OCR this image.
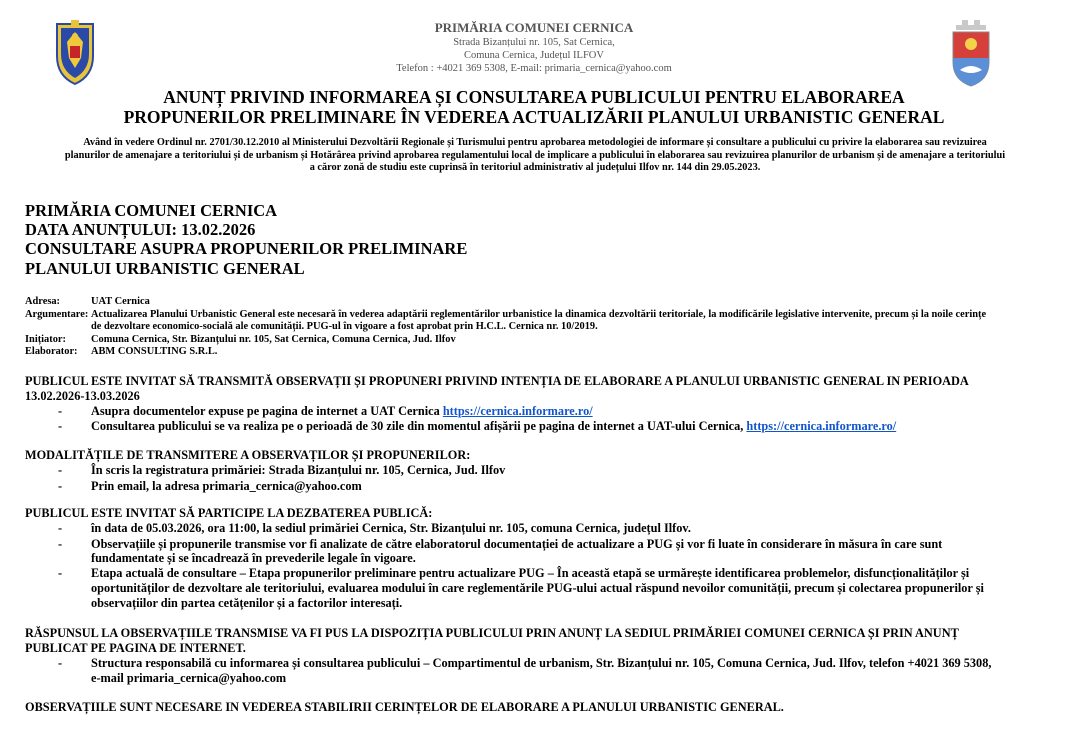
PRIMĂRIA COMUNEI CERNICA
Strada Bizanțului nr. 105, Sat Cernica,
Comuna Cernica, Județul ILFOV
Telefon : +4021 369 5308, E-mail: primaria_cernica@yahoo.com
ANUNȚ PRIVIND INFORMAREA ȘI CONSULTAREA PUBLICULUI PENTRU ELABORAREA
PROPUNERILOR PRELIMINARE ÎN VEDEREA ACTUALIZĂRII PLANULUI URBANISTIC GENERAL
Având în vedere Ordinul nr. 2701/30.12.2010 al Ministerului Dezvoltării Regionale și Turismului pentru aprobarea metodologiei de informare și consultare a publicului cu privire la elaborarea sau revizuirea
planurilor de amenajare a teritoriului și de urbanism și Hotărârea privind aprobarea regulamentului local de implicare a publicului în elaborarea sau revizuirea planurilor de urbanism și de amenajare a teritoriului
a căror zonă de studiu este cuprinsă în teritoriul administrativ al județului Ilfov nr. 144 din 29.05.2023.
PRIMĂRIA COMUNEI CERNICA
DATA ANUNȚULUI: 13.02.2026
CONSULTARE ASUPRA PROPUNERILOR PRELIMINARE
PLANULUI URBANISTIC GENERAL
Adresa:	UAT Cernica
Argumentare: Actualizarea Planului Urbanistic General este necesară în vederea adaptării reglementărilor urbanistice la dinamica dezvoltării teritoriale, la modificările legislative intervenite, precum și la noile cerințe
de dezvoltare economico-socială ale comunității. PUG-ul în vigoare a fost aprobat prin H.C.L. Cernica nr. 10/2019.
Inițiator: Comuna Cernica, Str. Bizanțului nr. 105, Sat Cernica, Comuna Cernica, Jud. Ilfov
Elaborator: ABM CONSULTING S.R.L.
PUBLICUL ESTE INVITAT SĂ TRANSMITĂ OBSERVAȚII ȘI PROPUNERI PRIVIND INTENȚIA DE ELABORARE A PLANULUI URBANISTIC GENERAL IN PERIOADA
13.02.2026-13.03.2026
- Asupra documentelor expuse pe pagina de internet a UAT Cernica https://cernica.informare.ro/
- Consultarea publicului se va realiza pe o perioadă de 30 zile din momentul afișării pe pagina de internet a UAT-ului Cernica, https://cernica.informare.ro/
MODALITĂȚILE DE TRANSMITERE A OBSERVAȚILOR ȘI PROPUNERILOR:
- În scris la registratura primăriei: Strada Bizanțului nr. 105, Cernica, Jud. Ilfov
- Prin email, la adresa primaria_cernica@yahoo.com
PUBLICUL ESTE INVITAT SĂ PARTICIPE LA DEZBATEREA PUBLICĂ:
- în data de 05.03.2026, ora 11:00, la sediul primăriei Cernica, Str. Bizanțului nr. 105, comuna Cernica, județul Ilfov.
- Observațiile și propunerile transmise vor fi analizate de către elaboratorul documentației de actualizare a PUG și vor fi luate în considerare în măsura în care sunt
fundamentate și se încadrează în prevederile legale în vigoare.
- Etapa actuală de consultare – Etapa propunerilor preliminare pentru actualizare PUG – În această etapă se urmărește identificarea problemelor, disfuncționalităților și
oportunităților de dezvoltare ale teritoriului, evaluarea modului în care reglementările PUG-ului actual răspund nevoilor comunității, precum și colectarea propunerilor și
observațiilor din partea cetățenilor și a factorilor interesați.
RĂSPUNSUL LA OBSERVAȚIILE TRANSMISE VA FI PUS LA DISPOZIȚIA PUBLICULUI PRIN ANUNȚ LA SEDIUL PRIMĂRIEI COMUNEI CERNICA ȘI PRIN ANUNȚ
PUBLICAT PE PAGINA DE INTERNET.
- Structura responsabilă cu informarea și consultarea publicului – Compartimentul de urbanism, Str. Bizanțului nr. 105, Comuna Cernica, Jud. Ilfov, telefon +4021 369 5308,
e-mail primaria_cernica@yahoo.com
OBSERVAȚIILE SUNT NECESARE IN VEDEREA STABILIRII CERINȚELOR DE ELABORARE A PLANULUI URBANISTIC GENERAL.
